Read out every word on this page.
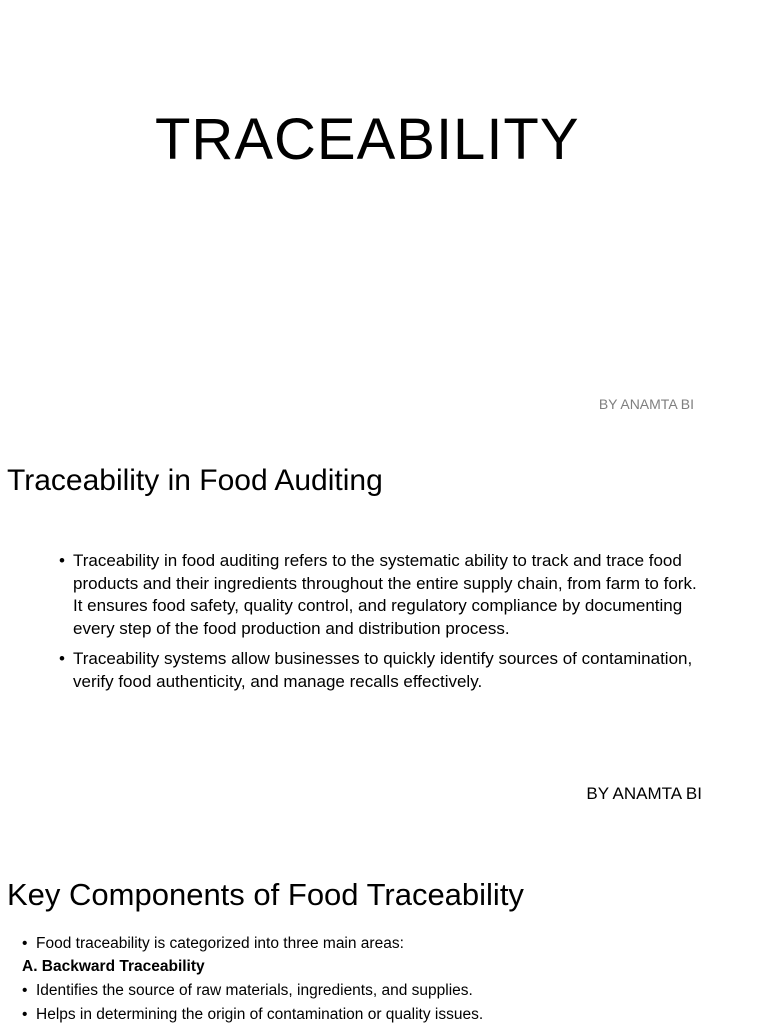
TRACEABILITY
BY ANAMTA BI
Traceability in Food Auditing
• Traceability in food auditing refers to the systematic ability to track and trace food products and their ingredients throughout the entire supply chain, from farm to fork. It ensures food safety, quality control, and regulatory compliance by documenting every step of the food production and distribution process.
• Traceability systems allow businesses to quickly identify sources of contamination, verify food authenticity, and manage recalls effectively.
BY ANAMTA BI
Key Components of Food Traceability
• Food traceability is categorized into three main areas:
A. Backward Traceability
• Identifies the source of raw materials, ingredients, and supplies.
• Helps in determining the origin of contamination or quality issues.
